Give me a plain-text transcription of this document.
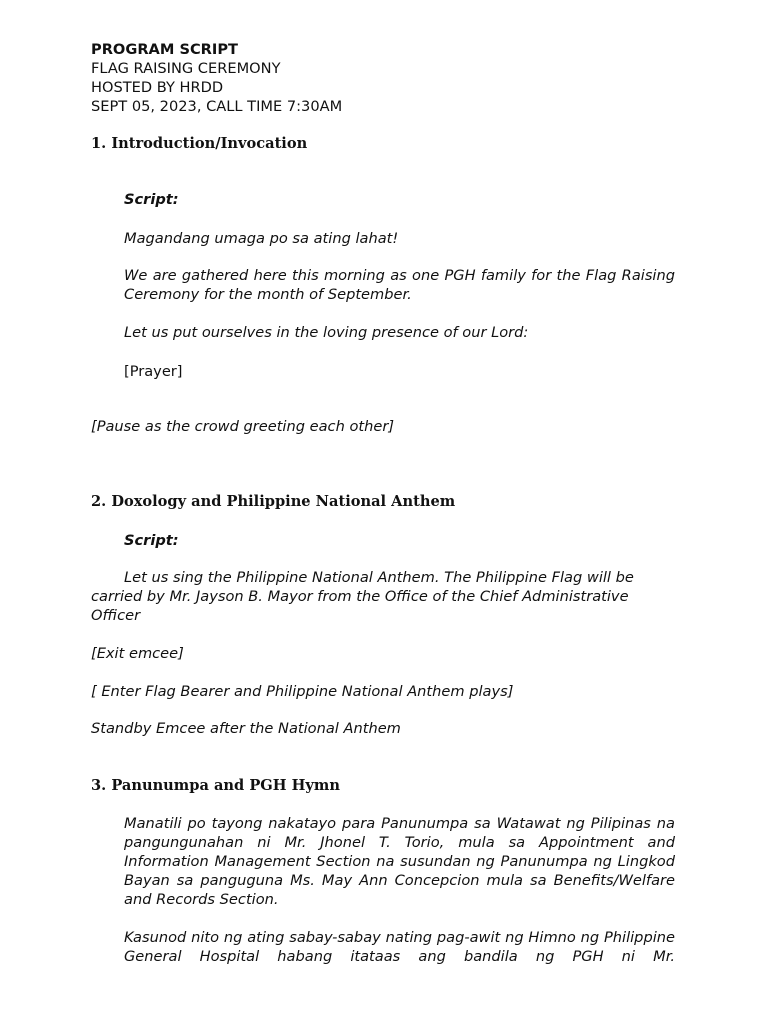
PROGRAM SCRIPT
FLAG RAISING CEREMONY
HOSTED BY HRDD
SEPT 05, 2023, CALL TIME 7:30AM
1. Introduction/Invocation
Script:
Magandang umaga po sa ating lahat!
We are gathered here this morning as one PGH family for the Flag Raising Ceremony for the month of September.
Let us put ourselves in the loving presence of our Lord:
[Prayer]
[Pause as the crowd greeting each other]
2. Doxology and Philippine National Anthem
Script:
Let us sing the Philippine National Anthem. The Philippine Flag will be carried by Mr. Jayson B. Mayor from the Office of the Chief Administrative Officer
[Exit emcee]
[ Enter Flag Bearer and Philippine National Anthem plays]
Standby Emcee after the National Anthem
3. Panunumpa and PGH Hymn
Manatili po tayong nakatayo para Panunumpa sa Watawat ng Pilipinas na pangungunahan ni Mr. Jhonel T. Torio, mula sa Appointment and Information Management Section na susundan ng Panunumpa ng Lingkod Bayan sa panguguna Ms. May Ann Concepcion mula sa Benefits/Welfare and Records Section.
Kasunod nito ng ating sabay-sabay nating pag-awit ng Himno ng Philippine General Hospital habang itataas ang bandila ng PGH ni Mr.
